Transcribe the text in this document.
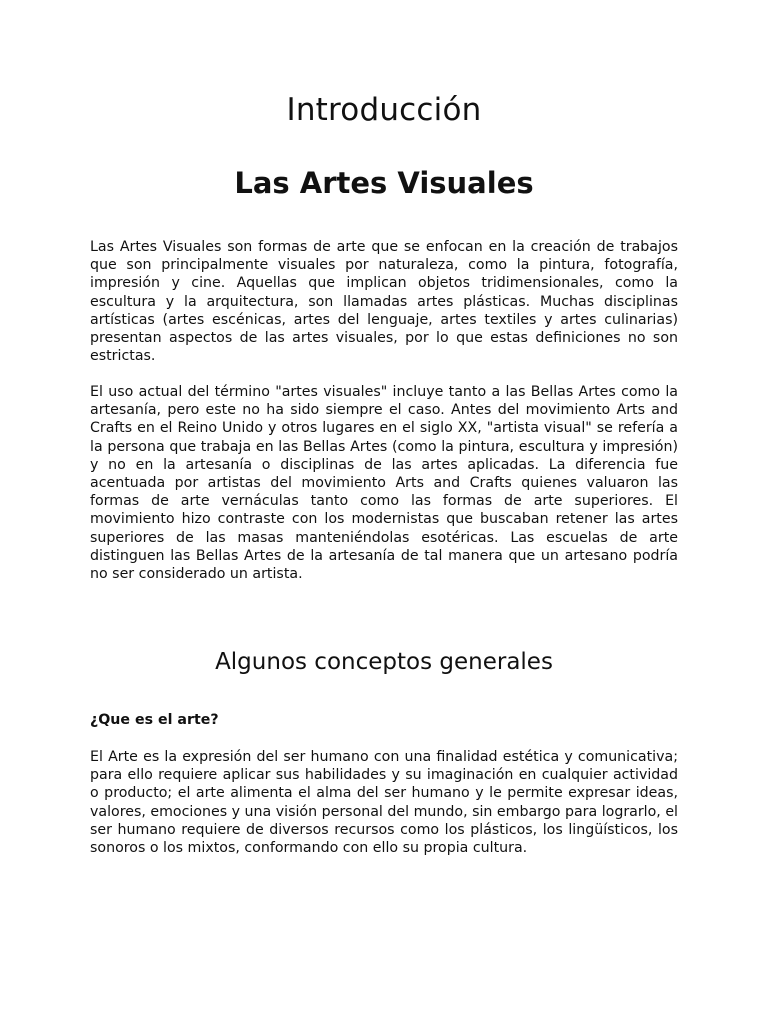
Introducción
Las Artes Visuales

Las Artes Visuales son formas de arte que se enfocan en la creación de trabajos que son principalmente visuales por naturaleza, como la pintura, fotografía, impresión y cine. Aquellas que implican objetos tridimensionales, como la escultura y la arquitectura, son llamadas artes plásticas. Muchas disciplinas artísticas (artes escénicas, artes del lenguaje, artes textiles y artes culinarias) presentan aspectos de las artes visuales, por lo que estas definiciones no son estrictas.

El uso actual del término "artes visuales" incluye tanto a las Bellas Artes como la artesanía, pero este no ha sido siempre el caso. Antes del movimiento Arts and Crafts en el Reino Unido y otros lugares en el siglo XX, "artista visual" se refería a la persona que trabaja en las Bellas Artes (como la pintura, escultura y impresión) y no en la artesanía o disciplinas de las artes aplicadas. La diferencia fue acentuada por artistas del movimiento Arts and Crafts quienes valuaron las formas de arte vernáculas tanto como las formas de arte superiores. El movimiento hizo contraste con los modernistas que buscaban retener las artes superiores de las masas manteniéndolas esotéricas. Las escuelas de arte distinguen las Bellas Artes de la artesanía de tal manera que un artesano podría no ser considerado un artista.

Algunos conceptos generales

¿Que es el arte?

El Arte es la expresión del ser humano con una finalidad estética y comunicativa; para ello requiere aplicar sus habilidades y su imaginación en cualquier actividad o producto; el arte alimenta el alma del ser humano y le permite expresar ideas, valores, emociones y una visión personal del mundo, sin embargo para lograrlo, el ser humano requiere de diversos recursos como los plásticos, los lingüísticos, los sonoros o los mixtos, conformando con ello su propia cultura.
